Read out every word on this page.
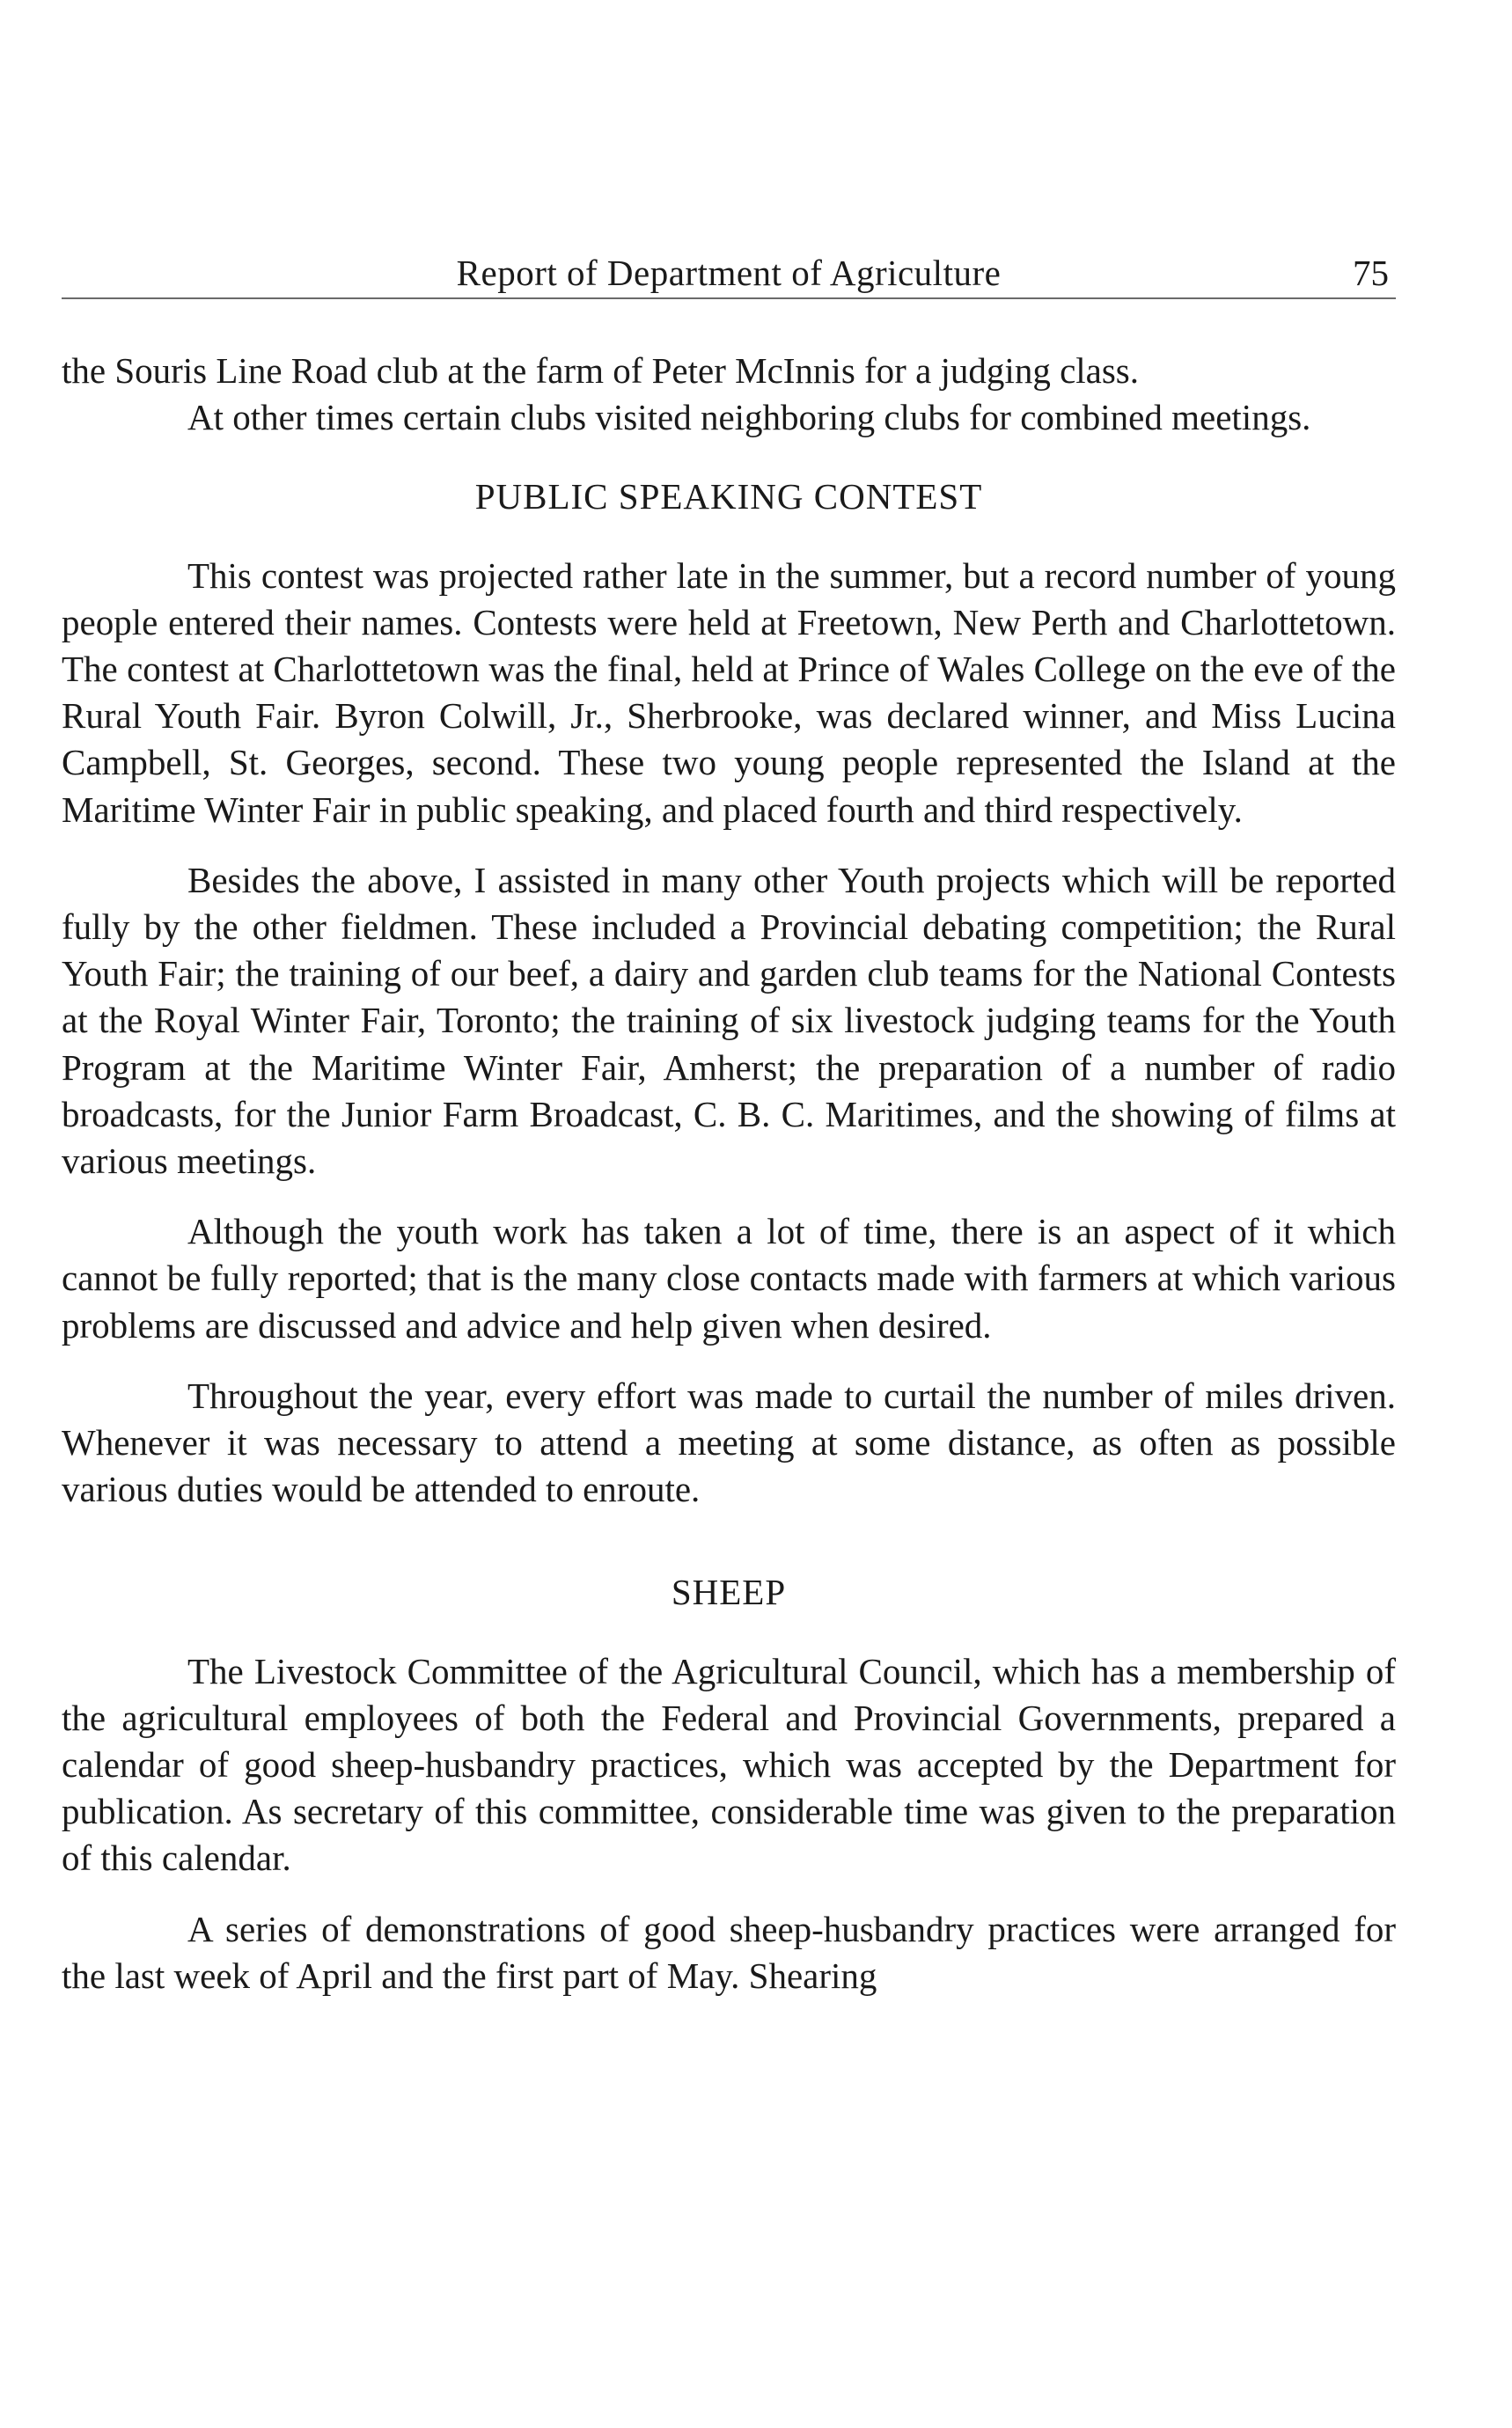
Report of Department of Agriculture	75

the Souris Line Road club at the farm of Peter McInnis for a judging class.

At other times certain clubs visited neighboring clubs for combined meetings.

PUBLIC SPEAKING CONTEST

This contest was projected rather late in the summer, but a record number of young people entered their names. Contests were held at Freetown, New Perth and Charlottetown. The contest at Charlottetown was the final, held at Prince of Wales College on the eve of the Rural Youth Fair. Byron Colwill, Jr., Sherbrooke, was declared winner, and Miss Lucina Campbell, St. Georges, second. These two young people represented the Island at the Maritime Winter Fair in public speaking, and placed fourth and third respectively.

Besides the above, I assisted in many other Youth projects which will be reported fully by the other fieldmen. These included a Provincial debating competition; the Rural Youth Fair; the training of our beef, a dairy and garden club teams for the National Contests at the Royal Winter Fair, Toronto; the training of six livestock judging teams for the Youth Program at the Maritime Winter Fair, Amherst; the preparation of a number of radio broadcasts, for the Junior Farm Broadcast, C. B. C. Maritimes, and the showing of films at various meetings.

Although the youth work has taken a lot of time, there is an aspect of it which cannot be fully reported; that is the many close contacts made with farmers at which various problems are discussed and advice and help given when desired.

Throughout the year, every effort was made to curtail the number of miles driven. Whenever it was necessary to attend a meeting at some distance, as often as possible various duties would be attended to enroute.

SHEEP

The Livestock Committee of the Agricultural Council, which has a membership of the agricultural employees of both the Federal and Provincial Governments, prepared a calendar of good sheep-husbandry practices, which was accepted by the Department for publication. As secretary of this committee, considerable time was given to the preparation of this calendar.

A series of demonstrations of good sheep-husbandry practices were arranged for the last week of April and the first part of May. Shearing
